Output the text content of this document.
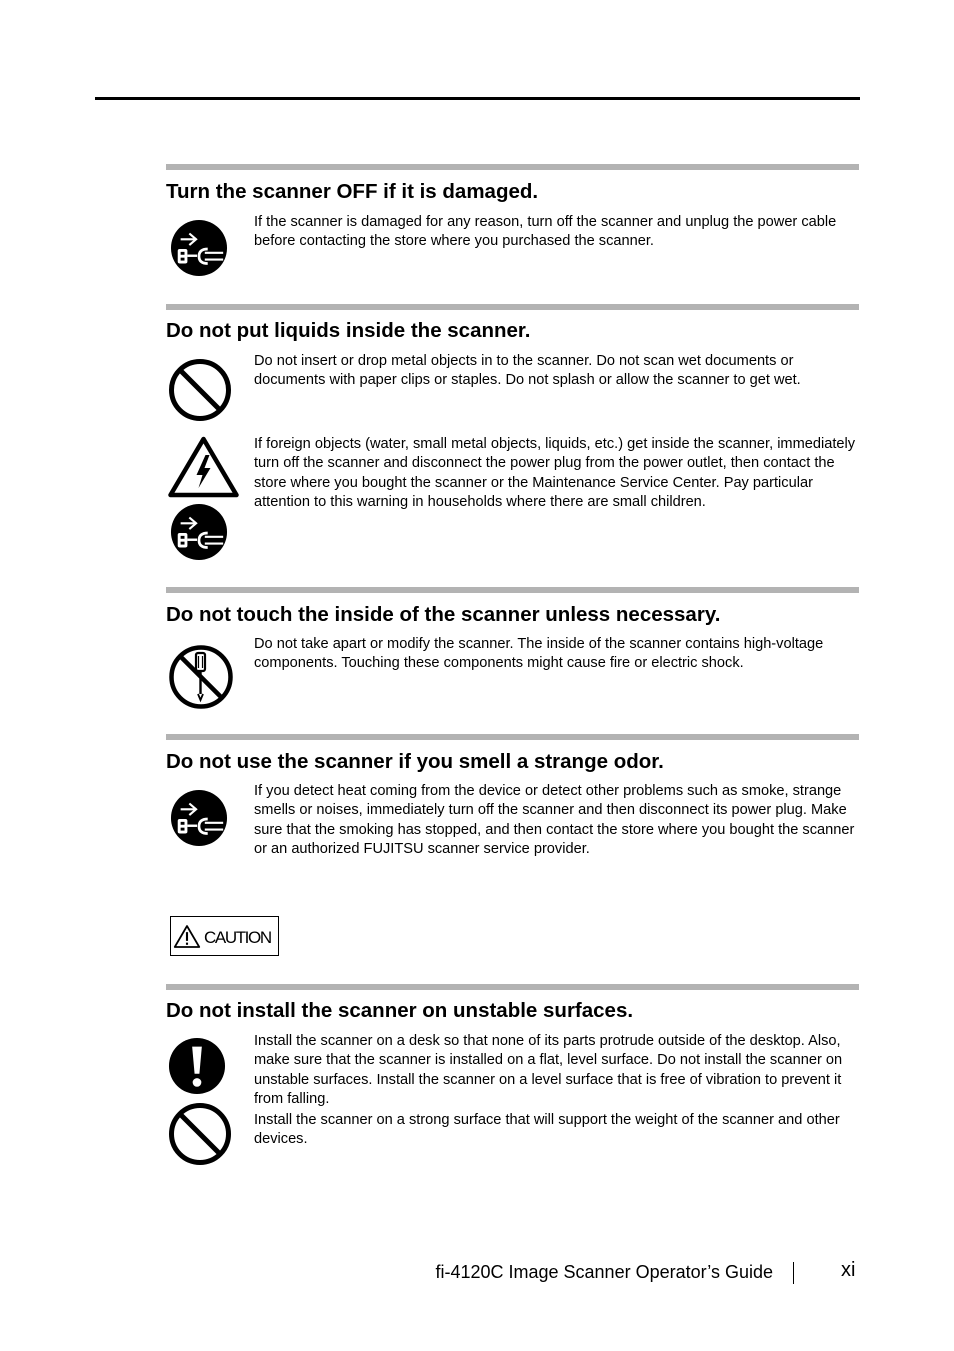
Turn the scanner OFF if it is damaged.

If the scanner is damaged for any reason, turn off the scanner and unplug the power cable before contacting the store where you purchased the scanner.

Do not put liquids inside the scanner.

Do not insert or drop metal objects in to the scanner. Do not scan wet documents or documents with paper clips or staples. Do not splash or allow the scanner to get wet.

If foreign objects (water, small metal objects, liquids, etc.) get inside the scanner, immediately turn off the scanner and disconnect the power plug from the power outlet, then contact the store where you bought the scanner or the Maintenance Service Center. Pay particular attention to this warning in households where there are small children.

Do not touch the inside of the scanner unless necessary.

Do not take apart or modify the scanner. The inside of the scanner contains high-voltage components. Touching these components might cause fire or electric shock.

Do not use the scanner if you smell a strange odor.

If you detect heat coming from the device or detect other problems such as smoke, strange smells or noises, immediately turn off the scanner and then disconnect its power plug. Make sure that the smoking has stopped, and then contact the store where you bought the scanner or an authorized FUJITSU scanner service provider.

CAUTION
Do not install the scanner on unstable surfaces.

Install the scanner on a desk so that none of its parts protrude outside of the desktop. Also, make sure that the scanner is installed on a flat, level surface. Do not install the scanner on unstable surfaces. Install the scanner on a level surface that is free of vibration to prevent it from falling.

Install the scanner on a strong surface that will support the weight of the scanner and other devices.

fi-4120C Image Scanner Operator’s Guide	xi
